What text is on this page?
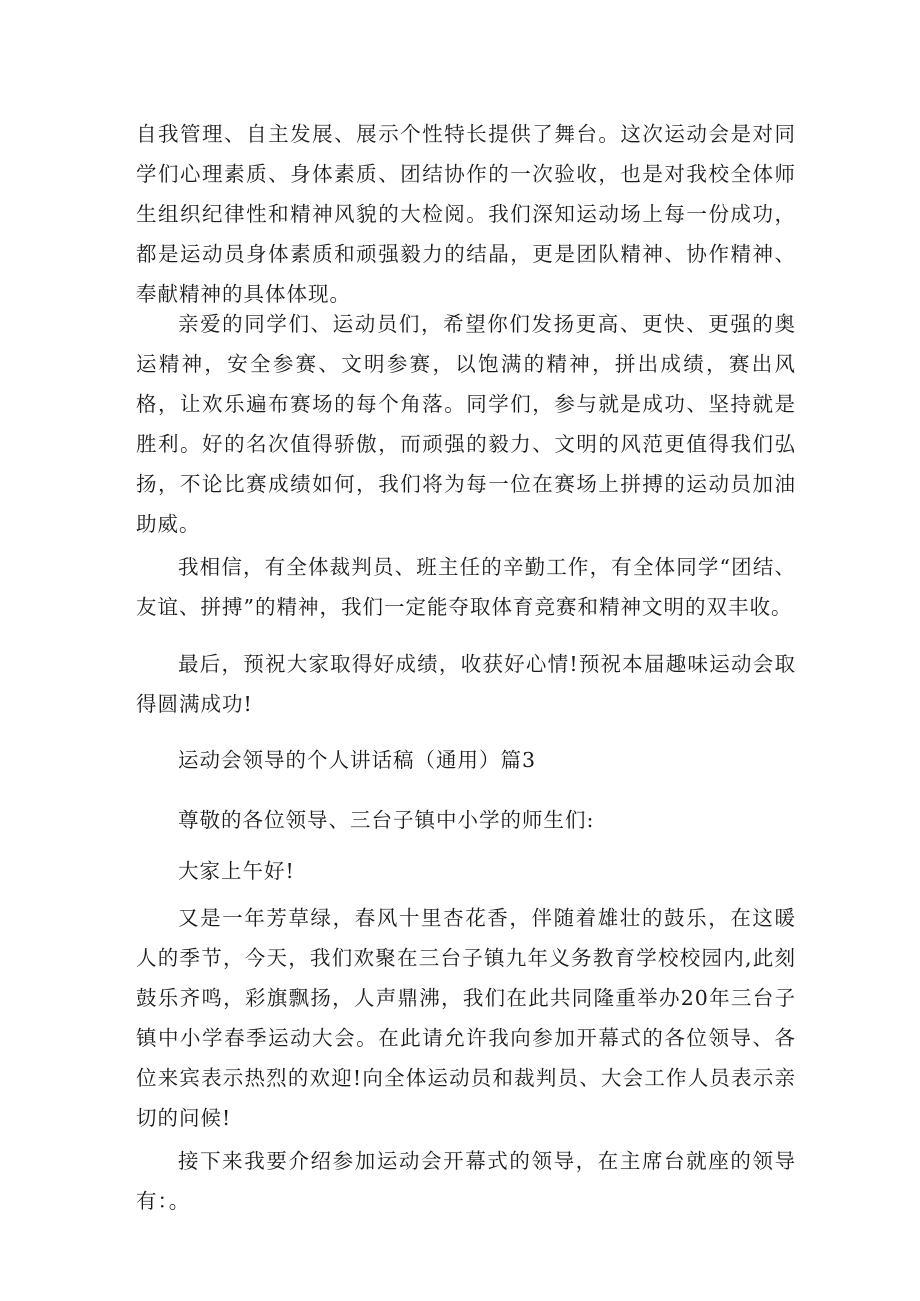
自我管理、自主发展、展示个性特长提供了舞台。这次运动会是对同学们心理素质、身体素质、团结协作的一次验收，也是对我校全体师生组织纪律性和精神风貌的大检阅。我们深知运动场上每一份成功，都是运动员身体素质和顽强毅力的结晶，更是团队精神、协作精神、奉献精神的具体体现。

亲爱的同学们、运动员们，希望你们发扬更高、更快、更强的奥运精神，安全参赛、文明参赛，以饱满的精神，拼出成绩，赛出风格，让欢乐遍布赛场的每个角落。同学们，参与就是成功、坚持就是胜利。好的名次值得骄傲，而顽强的毅力、文明的风范更值得我们弘扬，不论比赛成绩如何，我们将为每一位在赛场上拼搏的运动员加油助威。

我相信，有全体裁判员、班主任的辛勤工作，有全体同学“团结、友谊、拼搏”的精神，我们一定能夺取体育竞赛和精神文明的双丰收。

最后，预祝大家取得好成绩，收获好心情!预祝本届趣味运动会取得圆满成功!

运动会领导的个人讲话稿（通用）篇3

尊敬的各位领导、三台子镇中小学的师生们:

大家上午好!

又是一年芳草绿，春风十里杏花香，伴随着雄壮的鼓乐，在这暖人的季节，今天，我们欢聚在三台子镇九年义务教育学校校园内,此刻鼓乐齐鸣，彩旗飘扬，人声鼎沸，我们在此共同隆重举办20年三台子镇中小学春季运动大会。在此请允许我向参加开幕式的各位领导、各位来宾表示热烈的欢迎!向全体运动员和裁判员、大会工作人员表示亲切的问候!

接下来我要介绍参加运动会开幕式的领导，在主席台就座的领导有：。
